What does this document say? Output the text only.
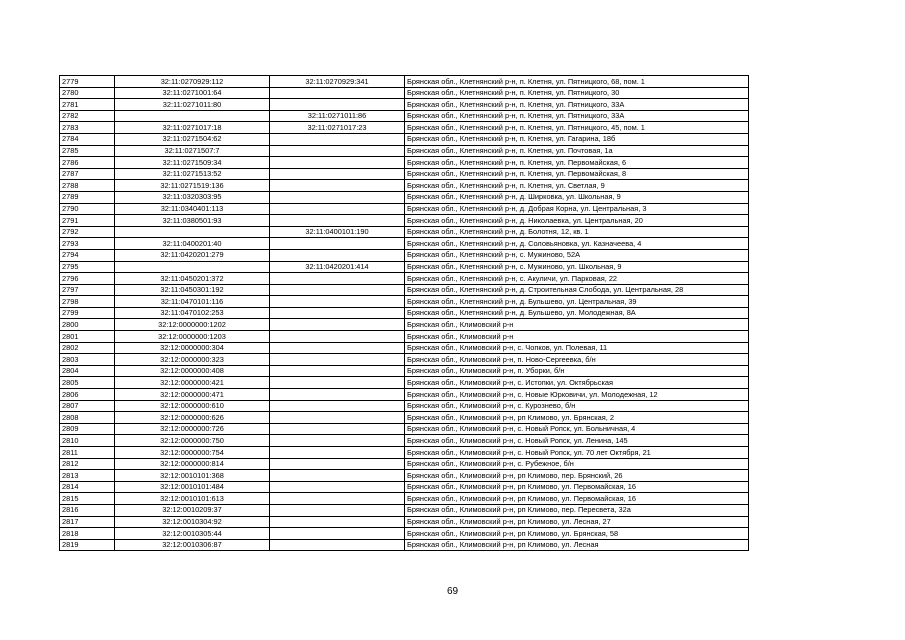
2779	32:11:0270929:112	32:11:0270929:341	Брянская обл., Клетнянский р-н, п. Клетня, ул. Пятницкого, 68, пом. 1
2780	32:11:0271001:64		Брянская обл., Клетнянский р-н, п. Клетня, ул. Пятницкого, 30
2781	32:11:0271011:80		Брянская обл., Клетнянский р-н, п. Клетня, ул. Пятницкого, 33А
2782		32:11:0271011:86	Брянская обл., Клетнянский р-н, п. Клетня, ул. Пятницкого, 33А
2783	32:11:0271017:18	32:11:0271017:23	Брянская обл., Клетнянский р-н, п. Клетня, ул. Пятницкого, 45, пом. 1
2784	32:11:0271504:62		Брянская обл., Клетнянский р-н, п. Клетня, ул. Гагарина, 18б
2785	32:11:0271507:7		Брянская обл., Клетнянский р-н, п. Клетня, ул. Почтовая, 1а
2786	32:11:0271509:34		Брянская обл., Клетнянский р-н, п. Клетня, ул. Первомайская, 6
2787	32:11:0271513:52		Брянская обл., Клетнянский р-н, п. Клетня, ул. Первомайская, 8
2788	32:11:0271519:136		Брянская обл., Клетнянский р-н, п. Клетня, ул. Светлая, 9
2789	32:11:0320303:95		Брянская обл., Клетнянский р-н, д. Ширковка, ул. Школьная, 9
2790	32:11:0340401:113		Брянская обл., Клетнянский р-н, д. Добрая Корна, ул. Центральная, 3
2791	32:11:0380501:93		Брянская обл., Клетнянский р-н, д. Николаевка, ул. Центральная, 20
2792		32:11:0400101:190	Брянская обл., Клетнянский р-н, д. Болотня, 12, кв. 1
2793	32:11:0400201:40		Брянская обл., Клетнянский р-н, д. Соловьяновка, ул. Казначеева, 4
2794	32:11:0420201:279		Брянская обл., Клетнянский р-н, с. Мужиново, 52А
2795		32:11:0420201:414	Брянская обл., Клетнянский р-н, с. Мужиново, ул. Школьная, 9
2796	32:11:0450201:372		Брянская обл., Клетнянский р-н, с. Акуличи, ул. Парковая, 22
2797	32:11:0450301:192		Брянская обл., Клетнянский р-н, д. Строительная Слобода, ул. Центральная, 28
2798	32:11:0470101:116		Брянская обл., Клетнянский р-н, д. Бульшево, ул. Центральная, 39
2799	32:11:0470102:253		Брянская обл., Клетнянский р-н, д. Бульшево, ул. Молодежная, 8А
2800	32:12:0000000:1202		Брянская обл., Климовский р-н
2801	32:12:0000000:1203		Брянская обл., Климовский р-н
2802	32:12:0000000:304		Брянская обл., Климовский р-н, с. Чопков, ул. Полевая, 11
2803	32:12:0000000:323		Брянская обл., Климовский р-н, п. Ново-Сергеевка, б/н
2804	32:12:0000000:408		Брянская обл., Климовский р-н, п. Уборки, б/н
2805	32:12:0000000:421		Брянская обл., Климовский р-н, с. Истопки, ул. Октябрьская
2806	32:12:0000000:471		Брянская обл., Климовский р-н, с. Новые Юрковичи, ул. Молодежная, 12
2807	32:12:0000000:610		Брянская обл., Климовский р-н, с. Курознево, б/н
2808	32:12:0000000:626		Брянская обл., Климовский р-н, рп Климово, ул. Брянская, 2
2809	32:12:0000000:726		Брянская обл., Климовский р-н, с. Новый Ропск, ул. Больничная, 4
2810	32:12:0000000:750		Брянская обл., Климовский р-н, с. Новый Ропск, ул. Ленина, 145
2811	32:12:0000000:754		Брянская обл., Климовский р-н, с. Новый Ропск, ул. 70 лет Октября, 21
2812	32:12:0000000:814		Брянская обл., Климовский р-н, с. Рубежное, б/н
2813	32:12:0010101:368		Брянская обл., Климовский р-н, рп Климово, пер. Брянский, 26
2814	32:12:0010101:484		Брянская обл., Климовский р-н, рп Климово, ул. Первомайская, 16
2815	32:12:0010101:613		Брянская обл., Климовский р-н, рп Климово, ул. Первомайская, 16
2816	32:12:0010209:37		Брянская обл., Климовский р-н, рп Климово, пер. Пересвета, 32а
2817	32:12:0010304:92		Брянская обл., Климовский р-н, рп Климово, ул. Лесная, 27
2818	32:12:0010305:44		Брянская обл., Климовский р-н, рп Климово, ул. Брянская, 58
2819	32:12:0010306:87		Брянская обл., Климовский р-н, рп Климово, ул. Лесная
69
